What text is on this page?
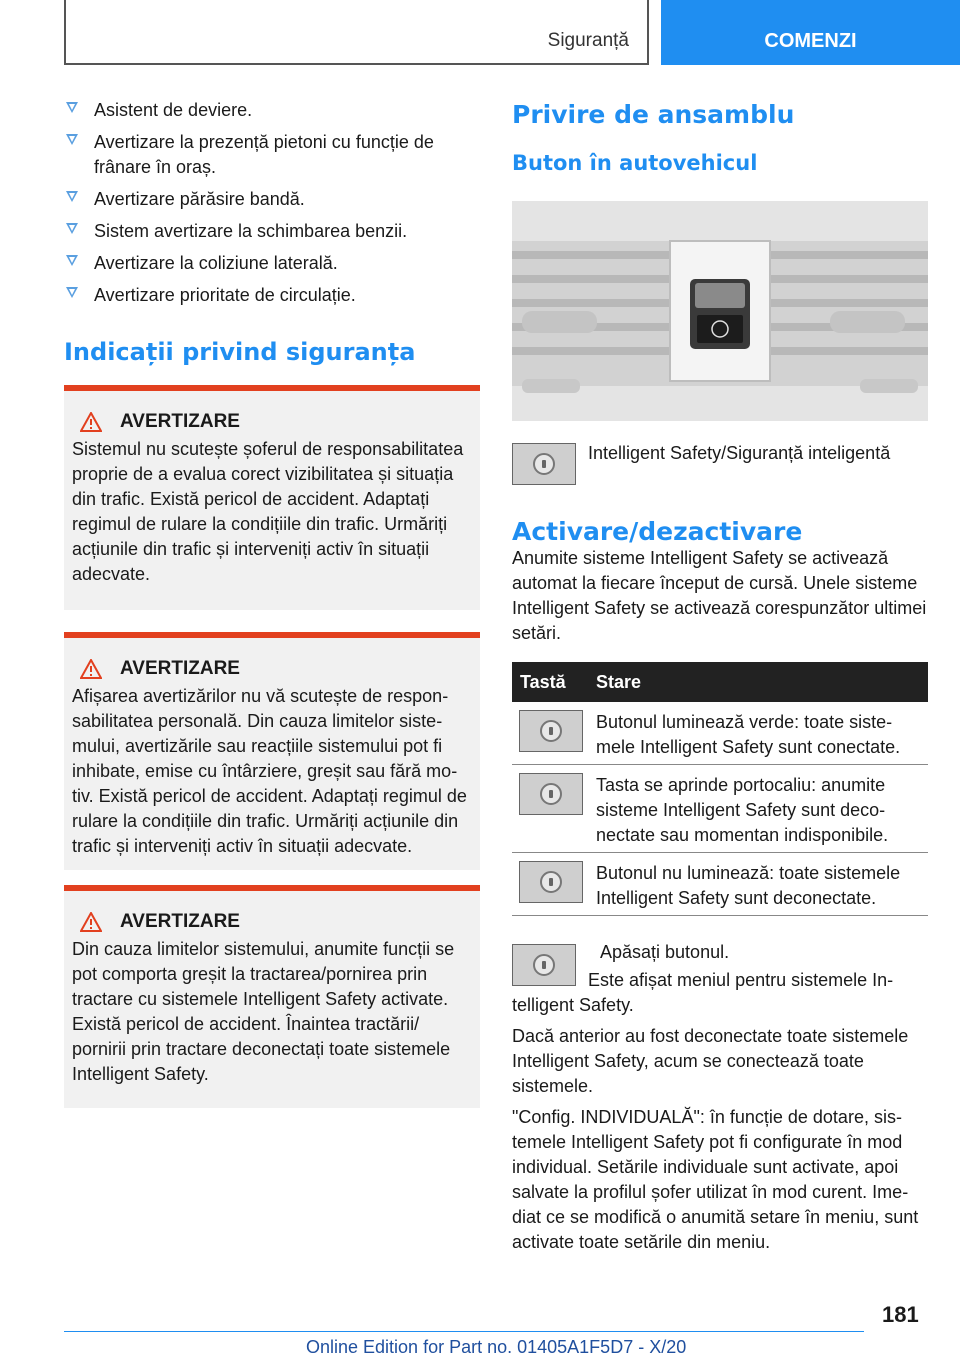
Siguranță	COMENZI
Asistent de deviere.
Avertizare la prezență pietoni cu funcție de frânare în oraș.
Avertizare părăsire bandă.
Sistem avertizare la schimbarea benzii.
Avertizare la coliziune laterală.
Avertizare prioritate de circulație.
Indicații privind siguranța
AVERTIZARE

Sistemul nu scutește șoferul de responsabilitatea proprie de a evalua corect vizibilitatea și situația din trafic. Există pericol de accident. Adaptați regimul de rulare la condițiile din trafic. Urmăriți acțiunile din trafic și interveniți activ în situații adecvate.

AVERTIZARE

Afișarea avertizărilor nu vă scutește de responsabilitatea personală. Din cauza limitelor sistemului, avertizările sau reacțiile sistemului pot fi inhibate, emise cu întârziere, greșit sau fără motiv. Există pericol de accident. Adaptați regimul de rulare la condițiile din trafic. Urmăriți acțiunile din trafic și interveniți activ în situații adecvate.

AVERTIZARE

Din cauza limitelor sistemului, anumite funcții se pot comporta greșit la tractarea/pornirea prin tractare cu sistemele Intelligent Safety activate. Există pericol de accident. Înaintea tractării/ pornirii prin tractare deconectați toate sistemele Intelligent Safety.

Privire de ansamblu
Buton în autovehicul
Intelligent Safety/Siguranță inteligentă
Activare/dezactivare

Anumite sisteme Intelligent Safety se activează automat la fiecare început de cursă. Unele sisteme Intelligent Safety se activează corespunzător ultimei setări.

Tastă	Stare

	Butonul luminează verde: toate sistemele Intelligent Safety sunt conectate.

	Tasta se aprinde portocaliu: anumite sisteme Intelligent Safety sunt deconectate sau momentan indisponibile.

	Butonul nu luminează: toate sistemele Intelligent Safety sunt deconectate.

Apăsați butonul.

Este afișat meniul pentru sistemele Intelligent Safety.

Dacă anterior au fost deconectate toate sistemele Intelligent Safety, acum se conectează toate sistemele.

"Config. INDIVIDUALĂ": în funcție de dotare, sistemele Intelligent Safety pot fi configurate în mod individual. Setările individuale sunt activate, apoi salvate la profilul șofer utilizat în mod curent. Imediat ce se modifică o anumită setare în meniu, sunt activate toate setările din meniu.

181
Online Edition for Part no. 01405A1F5D7 - X/20
